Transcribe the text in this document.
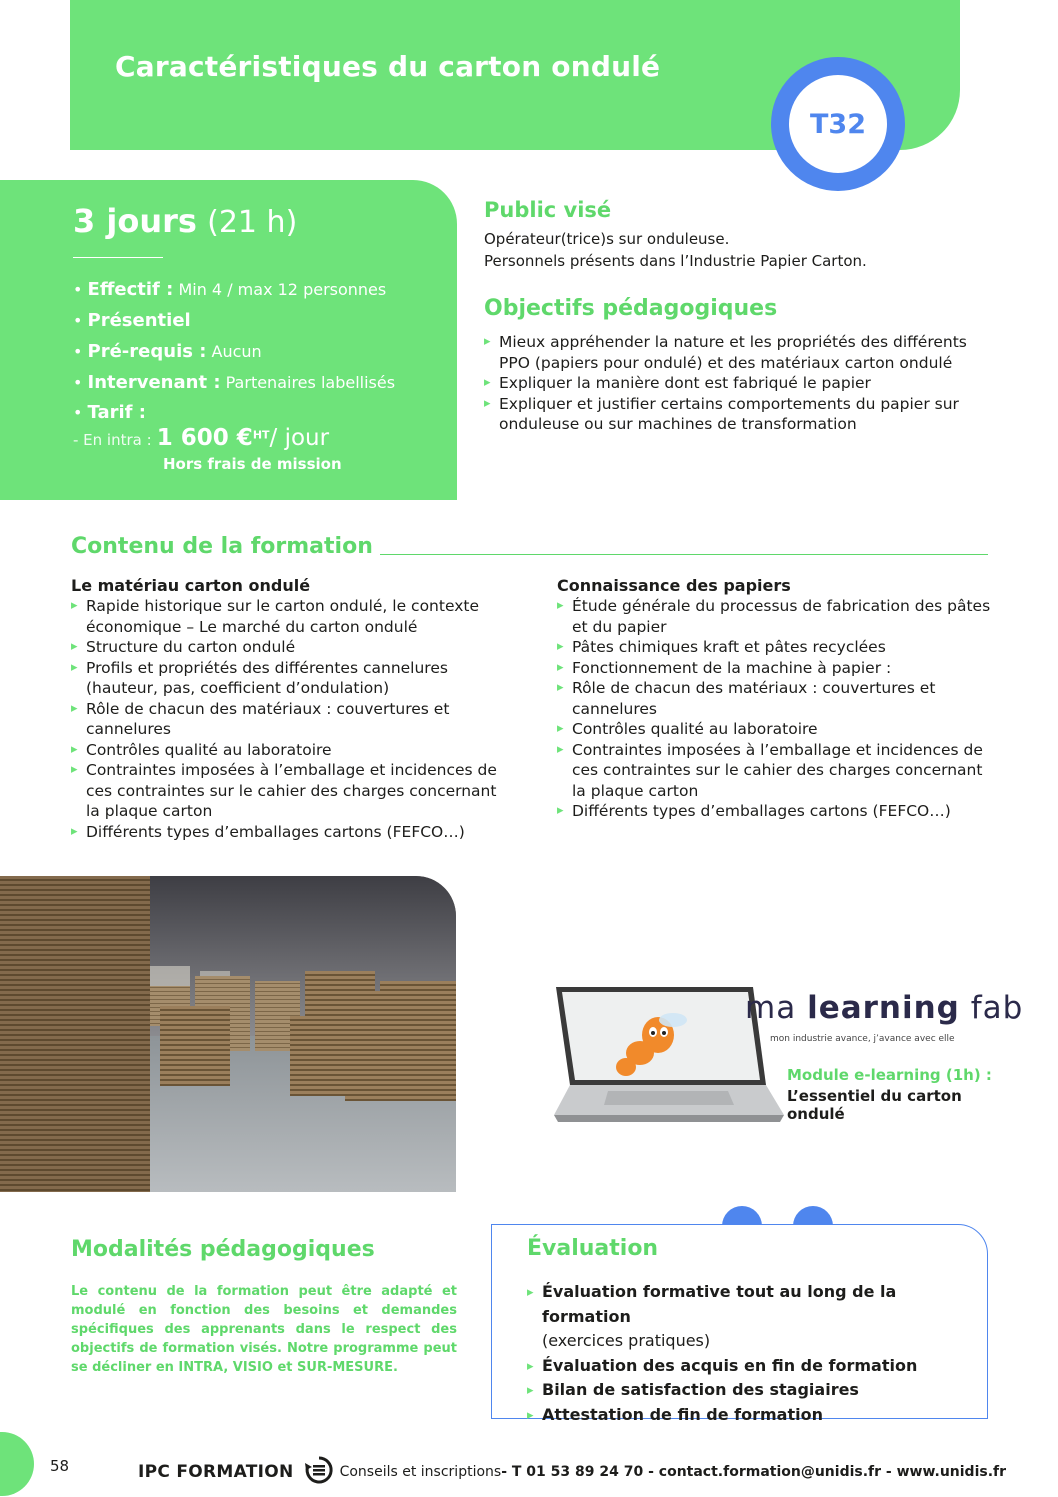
Caractéristiques du carton ondulé
T32
3 jours (21 h)
• Effectif : Min 4 / max 12 personnes
• Présentiel
• Pré-requis : Aucun
• Intervenant : Partenaires labellisés
• Tarif :
- En intra : 1 600 €$^{HT}$/ jour
Hors frais de mission
Public visé
Opérateur(trice)s sur onduleuse.
Personnels présents dans l’Industrie Papier Carton.
Objectifs pédagogiques
▸ Mieux appréhender la nature et les propriétés des différents PPO (papiers pour ondulé) et des matériaux carton ondulé
▸ Expliquer la manière dont est fabriqué le papier
▸ Expliquer et justifier certains comportements du papier sur onduleuse ou sur machines de transformation
Contenu de la formation
Le matériau carton ondulé
▸ Rapide historique sur le carton ondulé, le contexte économique – Le marché du carton ondulé
▸ Structure du carton ondulé
▸ Profils et propriétés des différentes cannelures (hauteur, pas, coefficient d’ondulation)
▸ Rôle de chacun des matériaux : couvertures et cannelures
▸ Contrôles qualité au laboratoire
▸ Contraintes imposées à l’emballage et incidences de ces contraintes sur le cahier des charges concernant la plaque carton
▸ Différents types d’emballages cartons (FEFCO…)
Connaissance des papiers
▸ Étude générale du processus de fabrication des pâtes et du papier
▸ Pâtes chimiques kraft et pâtes recyclées
▸ Fonctionnement de la machine à papier :
▸ Rôle de chacun des matériaux : couvertures et cannelures
▸ Contrôles qualité au laboratoire
▸ Contraintes imposées à l’emballage et incidences de ces contraintes sur le cahier des charges concernant la plaque carton
▸ Différents types d’emballages cartons (FEFCO…)
ma learning fab
mon industrie avance, j’avance avec elle
Module e-learning (1h) :
L’essentiel du carton ondulé
Modalités pédagogiques

Le contenu de la formation peut être adapté et modulé en fonction des besoins et demandes spécifiques des apprenants dans le respect des objectifs de formation visés. Notre programme peut se décliner en INTRA, VISIO et SUR-MESURE.

Évaluation
▸ Évaluation formative tout au long de la formation
(exercices pratiques)
▸ Évaluation des acquis en fin de formation
▸ Bilan de satisfaction des stagiaires
▸ Attestation de fin de formation
58	IPC FORMATION	Conseils et inscriptions - T 01 53 89 24 70 - contact.formation@unidis.fr - www.unidis.fr
